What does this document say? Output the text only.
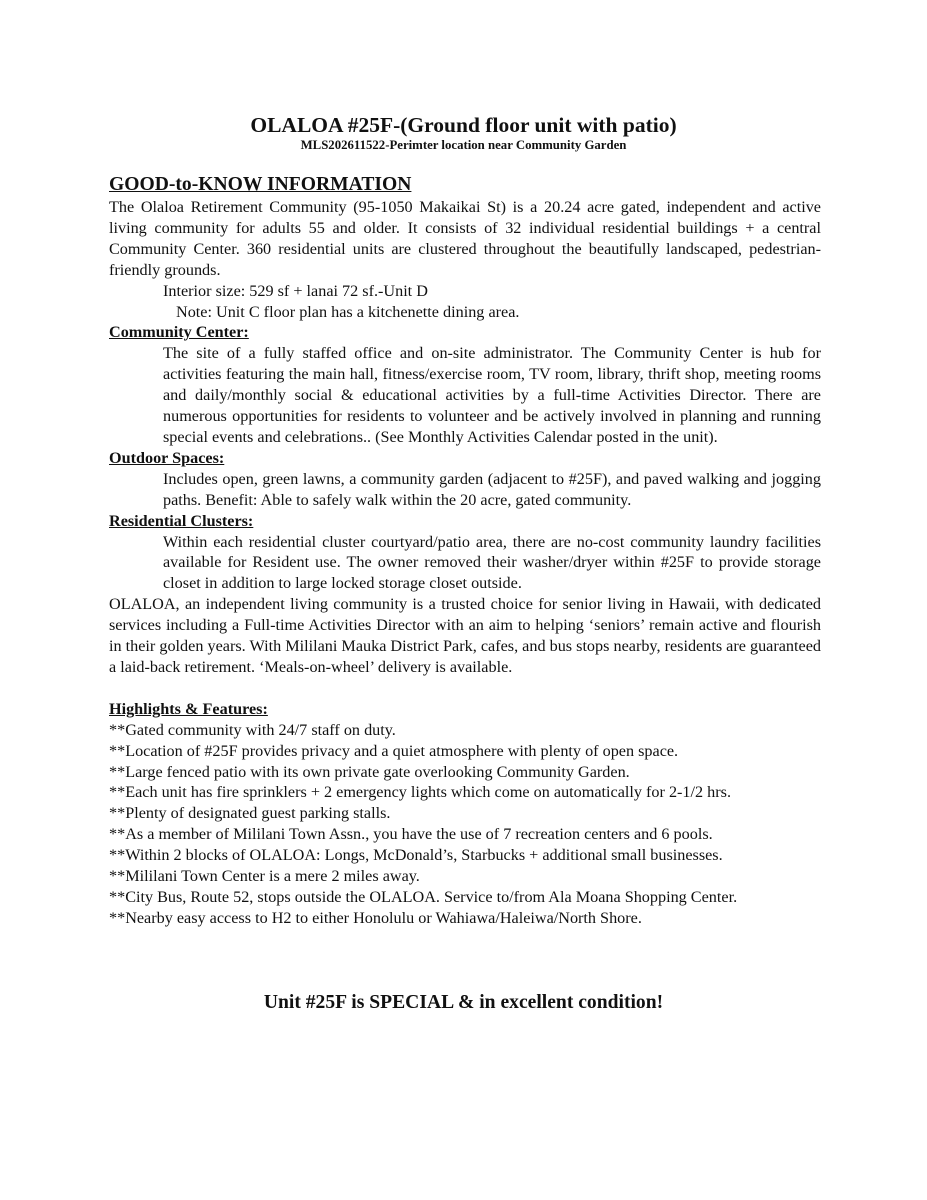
OLALOA #25F-(Ground floor unit with patio)
MLS202611522-Perimter location near Community Garden
GOOD-to-KNOW INFORMATION

The Olaloa Retirement Community (95-1050 Makaikai St) is a 20.24 acre gated, independent and active living community for adults 55 and older. It consists of 32 individual residential buildings + a central Community Center. 360 residential units are clustered throughout the beautifully landscaped, pedestrian-friendly grounds.

Interior size: 529 sf + lanai 72 sf.-Unit D

Note: Unit C floor plan has a kitchenette dining area.

Community Center:

The site of a fully staffed office and on-site administrator. The Community Center is hub for activities featuring the main hall, fitness/exercise room, TV room, library, thrift shop, meeting rooms and daily/monthly social & educational activities by a full-time Activities Director. There are numerous opportunities for residents to volunteer and be actively involved in planning and running special events and celebrations.. (See Monthly Activities Calendar posted in the unit).

Outdoor Spaces:

Includes open, green lawns, a community garden (adjacent to #25F), and paved walking and jogging paths. Benefit: Able to safely walk within the 20 acre, gated community.

Residential Clusters:

Within each residential cluster courtyard/patio area, there are no-cost community laundry facilities available for Resident use. The owner removed their washer/dryer within #25F to provide storage closet in addition to large locked storage closet outside.

OLALOA, an independent living community is a trusted choice for senior living in Hawaii, with dedicated services including a Full-time Activities Director with an aim to helping ‘seniors’ remain active and flourish in their golden years. With Mililani Mauka District Park, cafes, and bus stops nearby, residents are guaranteed a laid-back retirement. ‘Meals-on-wheel’ delivery is available.

Highlights & Features:

**Gated community with 24/7 staff on duty.

**Location of #25F provides privacy and a quiet atmosphere with plenty of open space.

**Large fenced patio with its own private gate overlooking Community Garden.

**Each unit has fire sprinklers + 2 emergency lights which come on automatically for 2-1/2 hrs.

**Plenty of designated guest parking stalls.

**As a member of Mililani Town Assn., you have the use of 7 recreation centers and 6 pools.

**Within 2 blocks of OLALOA: Longs, McDonald’s, Starbucks + additional small businesses.

**Mililani Town Center is a mere 2 miles away.

**City Bus, Route 52, stops outside the OLALOA. Service to/from Ala Moana Shopping Center.

**Nearby easy access to H2 to either Honolulu or Wahiawa/Haleiwa/North Shore.

Unit #25F is SPECIAL & in excellent condition!
